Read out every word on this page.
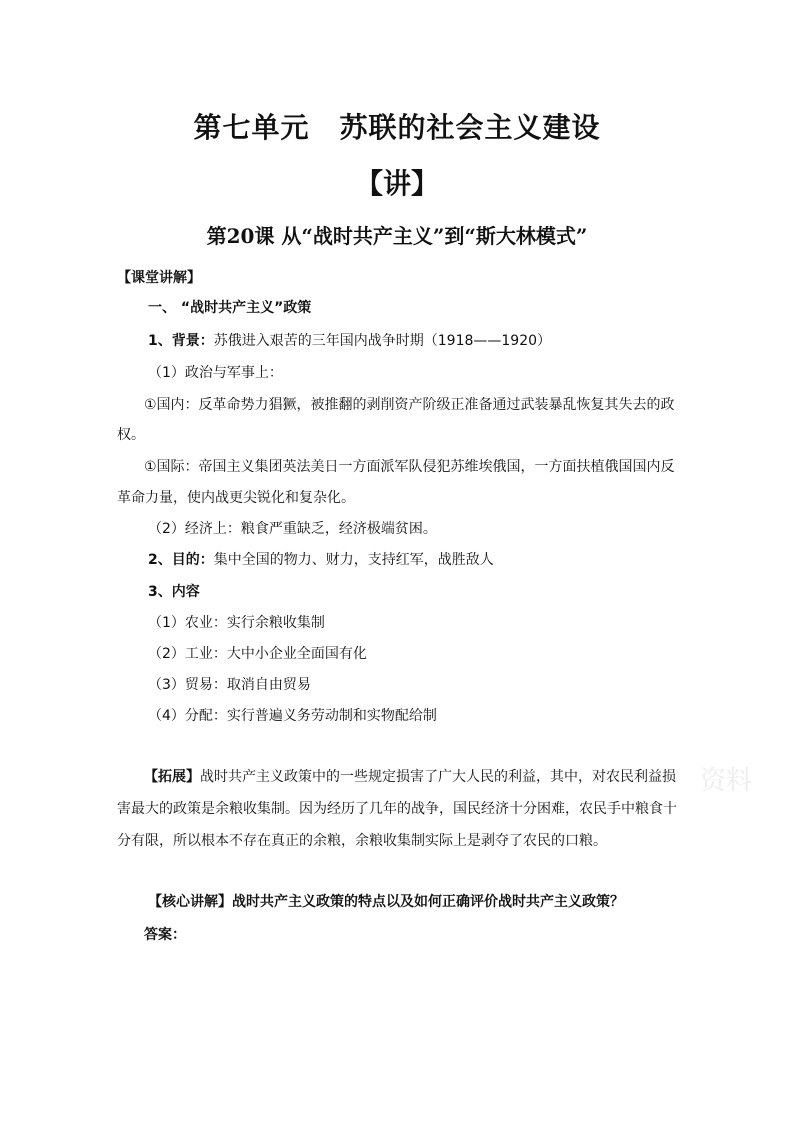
第七单元 苏联的社会主义建设
【讲】
第20课 从“战时共产主义”到“斯大林模式”
【课堂讲解】
一、 “战时共产主义”政策
1、背景：苏俄进入艰苦的三年国内战争时期（1918——1920）
（1）政治与军事上：
①国内：反革命势力猖獗，被推翻的剥削资产阶级正准备通过武装暴乱恢复其失去的政
权。
①国际：帝国主义集团英法美日一方面派军队侵犯苏维埃俄国，一方面扶植俄国国内反
革命力量，使内战更尖锐化和复杂化。
（2）经济上：粮食严重缺乏，经济极端贫困。
2、目的：集中全国的物力、财力，支持红军，战胜敌人
3、内容
（1）农业：实行余粮收集制
（2）工业：大中小企业全面国有化
（3）贸易：取消自由贸易
（4）分配：实行普遍义务劳动制和实物配给制
【拓展】战时共产主义政策中的一些规定损害了广大人民的利益，其中，对农民利益损
害最大的政策是余粮收集制。因为经历了几年的战争，国民经济十分困难，农民手中粮食十
分有限，所以根本不存在真正的余粮，余粮收集制实际上是剥夺了农民的口粮。
【核心讲解】战时共产主义政策的特点以及如何正确评价战时共产主义政策？
答案：
资料
